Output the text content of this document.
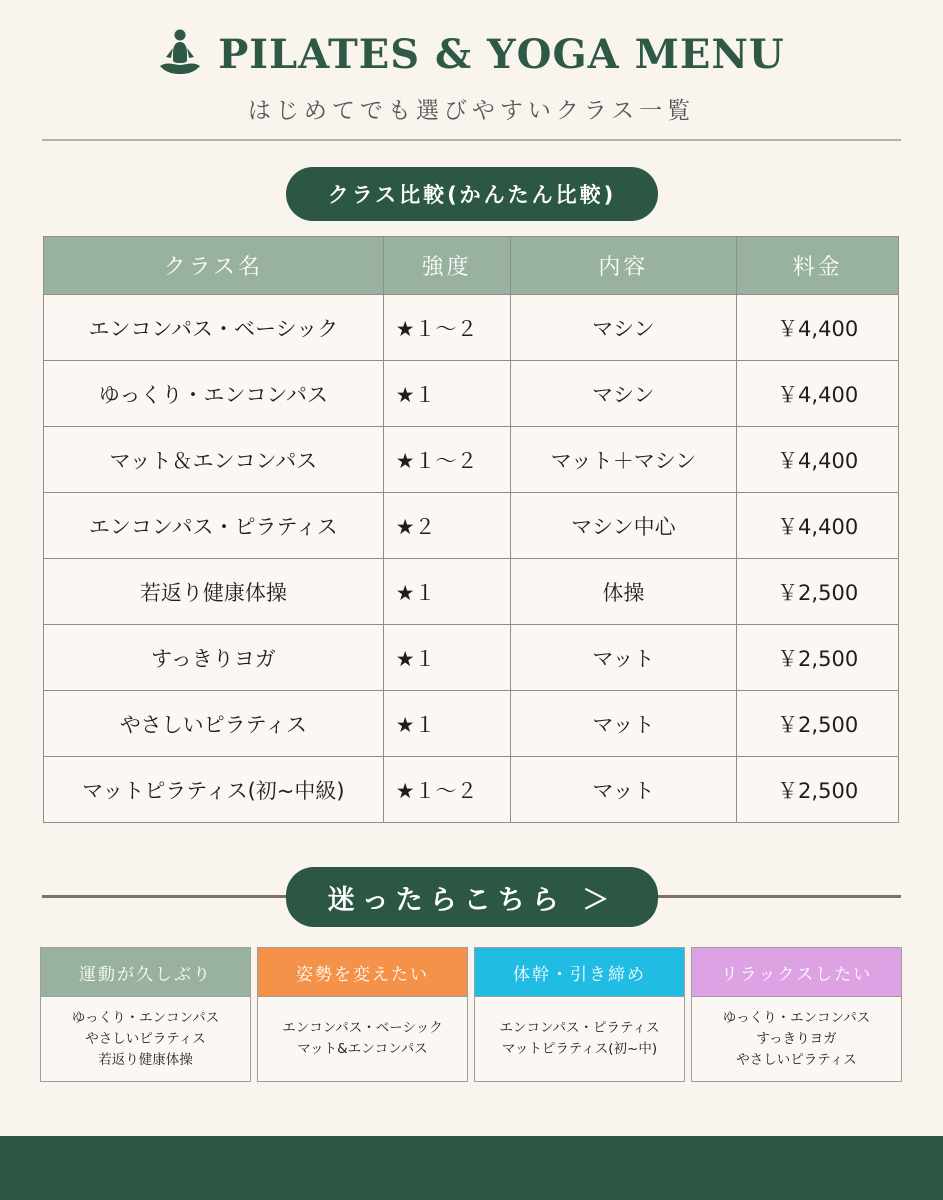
PILATES & YOGA MENU
はじめてでも選びやすいクラス一覧
クラス比較(かんたん比較)
クラス名	強度	内容	料金
エンコンパス・ベーシック	★１〜２	マシン	￥4,400
ゆっくり・エンコンパス	★１	マシン	￥4,400
マット＆エンコンパス	★１〜２	マット＋マシン	￥4,400
エンコンパス・ピラティス	★２	マシン中心	￥4,400
若返り健康体操	★１	体操	￥2,500
すっきりヨガ	★１	マット	￥2,500
やさしいピラティス	★１	マット	￥2,500
マットピラティス(初~中級)	★１〜２	マット	￥2,500
迷ったらこちら ＞
運動が久しぶり
ゆっくり・エンコンパス
やさしいピラティス
若返り健康体操
姿勢を変えたい
エンコンパス・ベーシック
マット&エンコンパス
体幹・引き締め
エンコンパス・ピラティス
マットピラティス(初~中)
リラックスしたい
ゆっくり・エンコンパス
すっきりヨガ
やさしいピラティス
